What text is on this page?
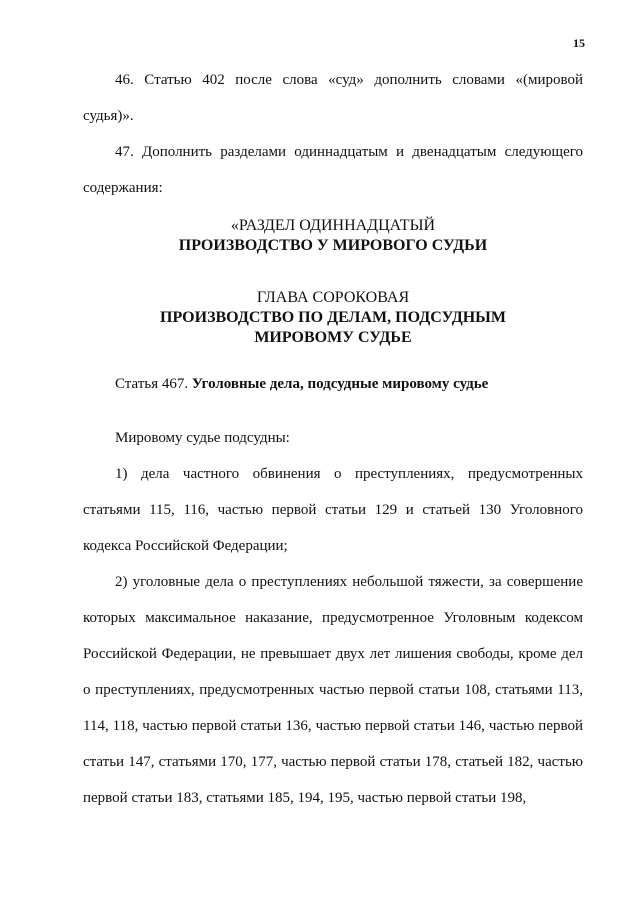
15

46. Статью 402 после слова «суд» дополнить словами «(мировой судья)».

47. Дополнить разделами одиннадцатым и двенадцатым следующего содержания:

«РАЗДЕЛ ОДИННАДЦАТЫЙ
ПРОИЗВОДСТВО У МИРОВОГО СУДЬИ
ГЛАВА СОРОКОВАЯ
ПРОИЗВОДСТВО ПО ДЕЛАМ, ПОДСУДНЫМ
МИРОВОМУ СУДЬЕ

Статья 467. Уголовные дела, подсудные мировому судье

Мировому судье подсудны:

1) дела частного обвинения о преступлениях, предусмотренных статьями 115, 116, частью первой статьи 129 и статьей 130 Уголовного кодекса Российской Федерации;

2) уголовные дела о преступлениях небольшой тяжести, за совершение которых максимальное наказание, предусмотренное Уголовным кодексом Российской Федерации, не превышает двух лет лишения свободы, кроме дел о преступлениях, предусмотренных частью первой статьи 108, статьями 113, 114, 118, частью первой статьи 136, частью первой статьи 146, частью первой статьи 147, статьями 170, 177, частью первой статьи 178, статьей 182, частью первой статьи 183, статьями 185, 194, 195, частью первой статьи 198,
